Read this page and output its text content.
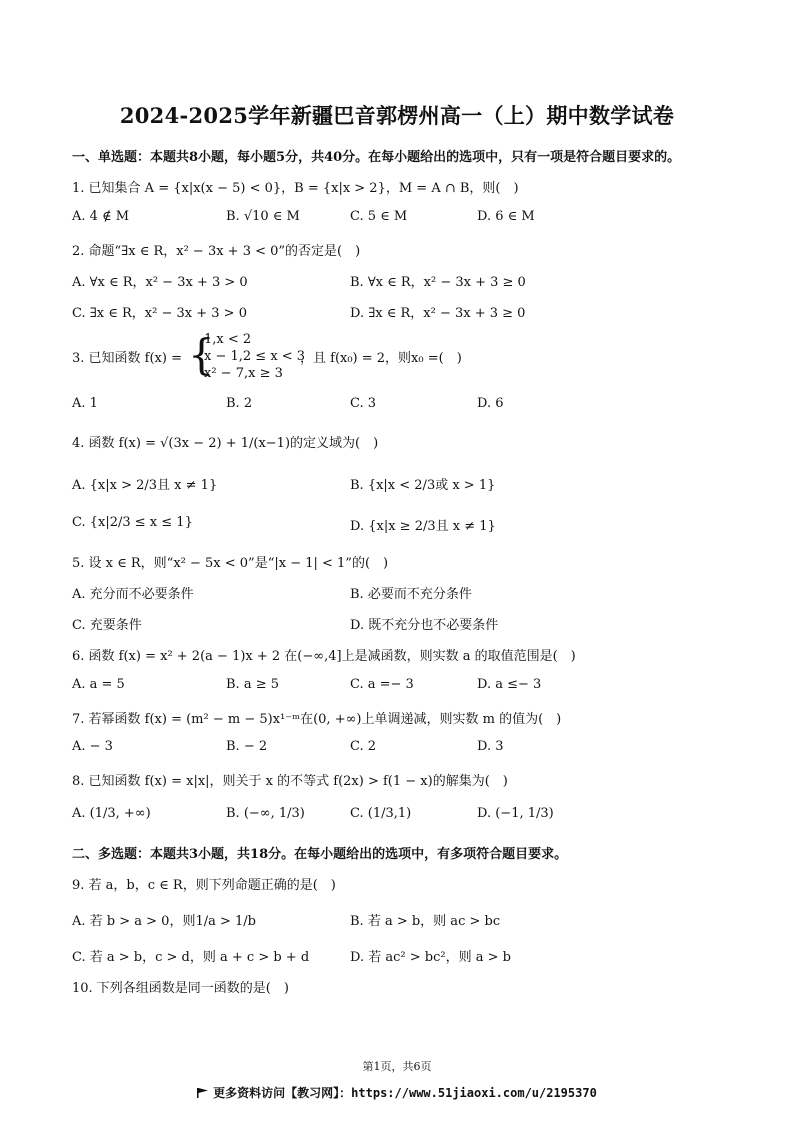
2024-2025学年新疆巴音郭楞州高一（上）期中数学试卷
一、单选题：本题共8小题，每小题5分，共40分。在每小题给出的选项中，只有一项是符合题目要求的。
1. 已知集合 A = {x|x(x − 5) < 0}，B = {x|x > 2}，M = A ∩ B，则(　)
A. 4 ∉ M	B. √10 ∈ M	C. 5 ∈ M	D. 6 ∈ M
2. 命题“∃x ∈ R，x² − 3x + 3 < 0”的否定是(　)
A. ∀x ∈ R，x² − 3x + 3 > 0	B. ∀x ∈ R，x² − 3x + 3 ≥ 0
C. ∃x ∈ R，x² − 3x + 3 > 0	D. ∃x ∈ R，x² − 3x + 3 ≥ 0
3. 已知函数 f(x) = {
1,x < 2
x − 1,2 ≤ x < 3
x² − 7,x ≥ 3
，且 f(x₀) = 2，则x₀ =(　)
A. 1	B. 2	C. 3	D. 6
4. 函数 f(x) = √(3x − 2) + 1/(x−1)的定义域为(　)
A. {x|x > 2/3且 x ≠ 1}	B. {x|x < 2/3或 x > 1}
C. {x|2/3 ≤ x ≤ 1}	D. {x|x ≥ 2/3且 x ≠ 1}
5. 设 x ∈ R，则“x² − 5x < 0”是“|x − 1| < 1”的(　)
A. 充分而不必要条件	B. 必要而不充分条件
C. 充要条件	D. 既不充分也不必要条件
6. 函数 f(x) = x² + 2(a − 1)x + 2 在(−∞,4]上是减函数，则实数 a 的取值范围是(　)
A. a = 5	B. a ≥ 5	C. a =− 3	D. a ≤− 3
7. 若幂函数 f(x) = (m² − m − 5)x¹⁻ᵐ在(0, +∞)上单调递减，则实数 m 的值为(　)
A. − 3	B. − 2	C. 2	D. 3
8. 已知函数 f(x) = x|x|，则关于 x 的不等式 f(2x) > f(1 − x)的解集为(　)
A. (1/3, +∞)	B. (−∞, 1/3)	C. (1/3,1)	D. (−1, 1/3)
二、多选题：本题共3小题，共18分。在每小题给出的选项中，有多项符合题目要求。
9. 若 a，b，c ∈ R，则下列命题正确的是(　)
A. 若 b > a > 0，则1/a > 1/b	B. 若 a > b，则 ac > bc
C. 若 a > b，c > d，则 a + c > b + d	D. 若 ac² > bc²，则 a > b
10. 下列各组函数是同一函数的是(　)
第1页，共6页
更多资料访问【教习网】：https://www.51jiaoxi.com/u/2195370
